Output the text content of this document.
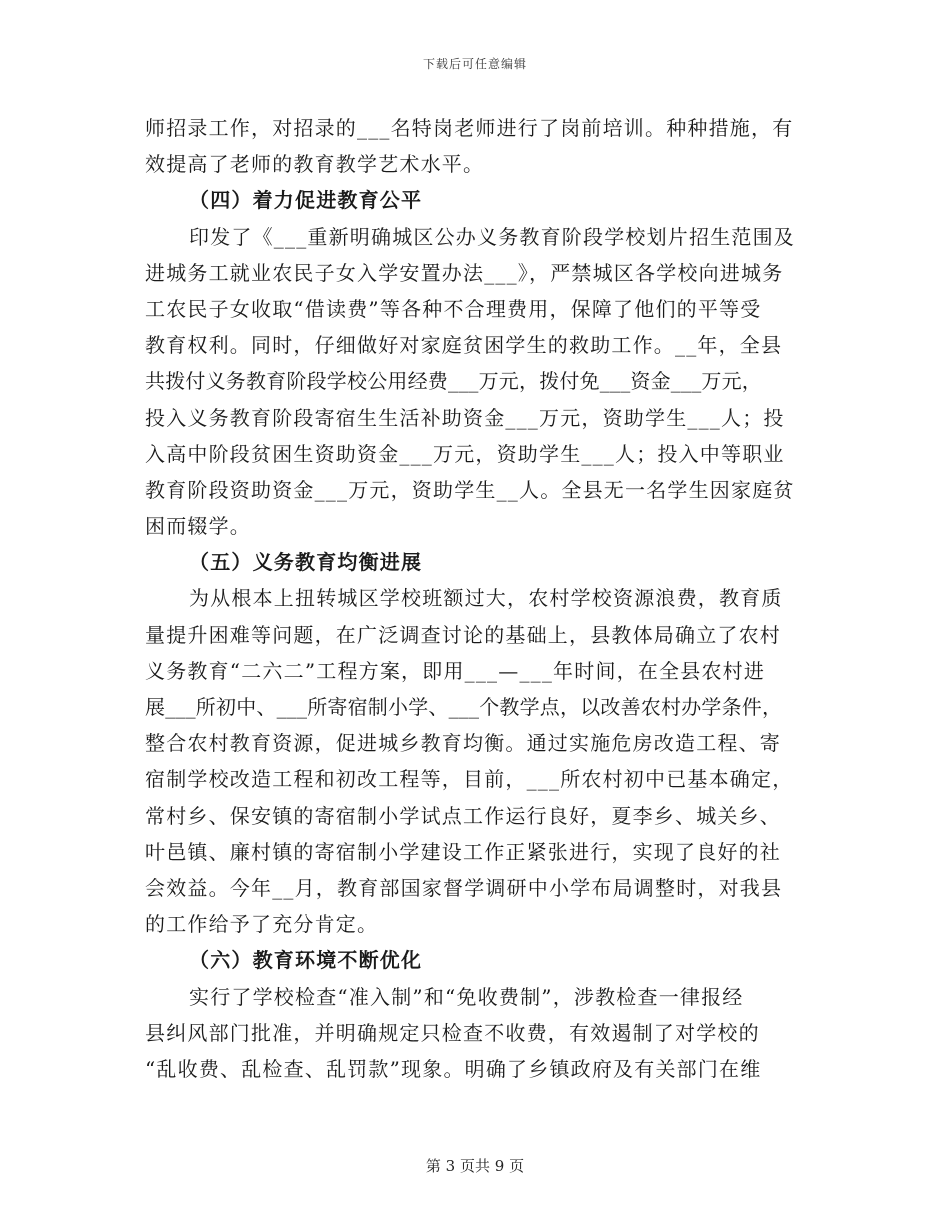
下载后可任意编辑
师招录工作，对招录的___名特岗老师进行了岗前培训。种种措施，有
效提高了老师的教育教学艺术水平。
（四）着力促进教育公平
印发了《___重新明确城区公办义务教育阶段学校划片招生范围及
进城务工就业农民子女入学安置办法___》，严禁城区各学校向进城务
工农民子女收取“借读费”等各种不合理费用，保障了他们的平等受
教育权利。同时，仔细做好对家庭贫困学生的救助工作。__年，全县
共拨付义务教育阶段学校公用经费___万元，拨付免___资金___万元，
投入义务教育阶段寄宿生生活补助资金___万元，资助学生___人；投
入高中阶段贫困生资助资金___万元，资助学生___人；投入中等职业
教育阶段资助资金___万元，资助学生__人。全县无一名学生因家庭贫
困而辍学。
（五）义务教育均衡进展
为从根本上扭转城区学校班额过大，农村学校资源浪费，教育质
量提升困难等问题，在广泛调查讨论的基础上，县教体局确立了农村
义务教育“二六二”工程方案，即用___—___年时间，在全县农村进
展___所初中、___所寄宿制小学、___个教学点，以改善农村办学条件，
整合农村教育资源，促进城乡教育均衡。通过实施危房改造工程、寄
宿制学校改造工程和初改工程等，目前，___所农村初中已基本确定，
常村乡、保安镇的寄宿制小学试点工作运行良好，夏李乡、城关乡、
叶邑镇、廉村镇的寄宿制小学建设工作正紧张进行，实现了良好的社
会效益。今年__月，教育部国家督学调研中小学布局调整时，对我县
的工作给予了充分肯定。
（六）教育环境不断优化
实行了学校检查“准入制”和“免收费制”，涉教检查一律报经
县纠风部门批准，并明确规定只检查不收费，有效遏制了对学校的
“乱收费、乱检查、乱罚款”现象。明确了乡镇政府及有关部门在维
第 3 页共 9 页
